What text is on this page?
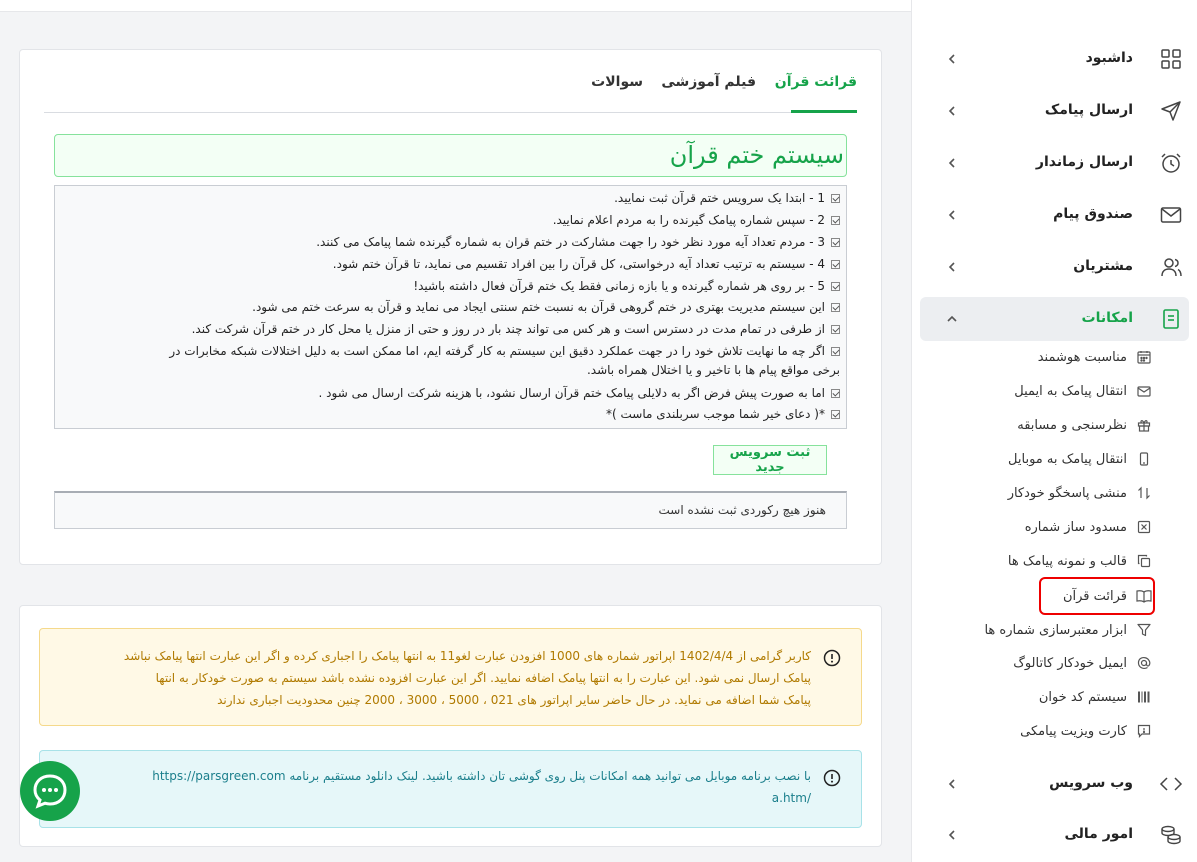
قرائت قرآن
فیلم آموزشی
سوالات
سیستم ختم قرآن
1 - ابتدا یک سرویس ختم قرآن ثبت نمایید.
2 - سپس شماره پیامک گیرنده را به مردم اعلام نمایید.
3 - مردم تعداد آیه مورد نظر خود را جهت مشارکت در ختم قران به شماره گیرنده شما پیامک می کنند.
4 - سیستم به ترتیب تعداد آیه درخواستی، کل قرآن را بین افراد تقسیم می نماید، تا قرآن ختم شود.
5 - بر روی هر شماره گیرنده و یا بازه زمانی فقط یک ختم قرآن فعال داشته باشید!
این سیستم مدیریت بهتری در ختم گروهی قرآن به نسبت ختم سنتی ایجاد می نماید و قرآن به سرعت ختم می شود.
از طرفی در تمام مدت در دسترس است و هر کس می تواند چند بار در روز و حتی از منزل یا محل کار در ختم قرآن شرکت کند.
اگر چه ما نهایت تلاش خود را در جهت عملکرد دقیق این سیستم به کار گرفته ایم، اما ممکن است به دلیل اختلالات شبکه مخابرات در
برخی مواقع پیام ها با تاخیر و یا اختلال همراه باشد.
اما به صورت پیش فرض اگر به دلایلی پیامک ختم قرآن ارسال نشود، با هزینه شرکت ارسال می شود .
*( دعای خیر شما موجب سربلندی ماست )*
ثبت سرویس جدید
هنوز هیچ رکوردی ثبت نشده است
کاربر گرامی از 1402/4/4 اپراتور شماره های 1000 افزودن عبارت لغو11 به انتها پیامک را اجباری کرده و اگر این عبارت انتها پیامک نباشد
پیامک ارسال نمی شود. این عبارت را به انتها پیامک اضافه نمایید. اگر این عبارت افزوده نشده باشد سیستم به صورت خودکار به انتها
پیامک شما اضافه می نماید. در حال حاضر سایر اپراتور های 021 ، 5000 ، 3000 ، 2000 چنین محدودیت اجباری ندارند
با نصب برنامه موبایل می توانید همه امکانات پنل روی گوشی تان داشته باشید. لینک دانلود مستقیم برنامه https://parsgreen.com
/a.htm
داشبود
ارسال پیامک
ارسال زماندار
صندوق پیام
مشتریان
امکانات
مناسبت هوشمند
انتقال پیامک به ایمیل
نظرسنجی و مسابقه
انتقال پیامک به موبایل
منشی پاسخگو خودکار
مسدود ساز شماره
قالب و نمونه پیامک ها
قرائت قرآن
ابزار معتبرسازی شماره ها
ایمیل خودکار کاتالوگ
سیستم کد خوان
کارت ویزیت پیامکی
وب سرویس
امور مالی
